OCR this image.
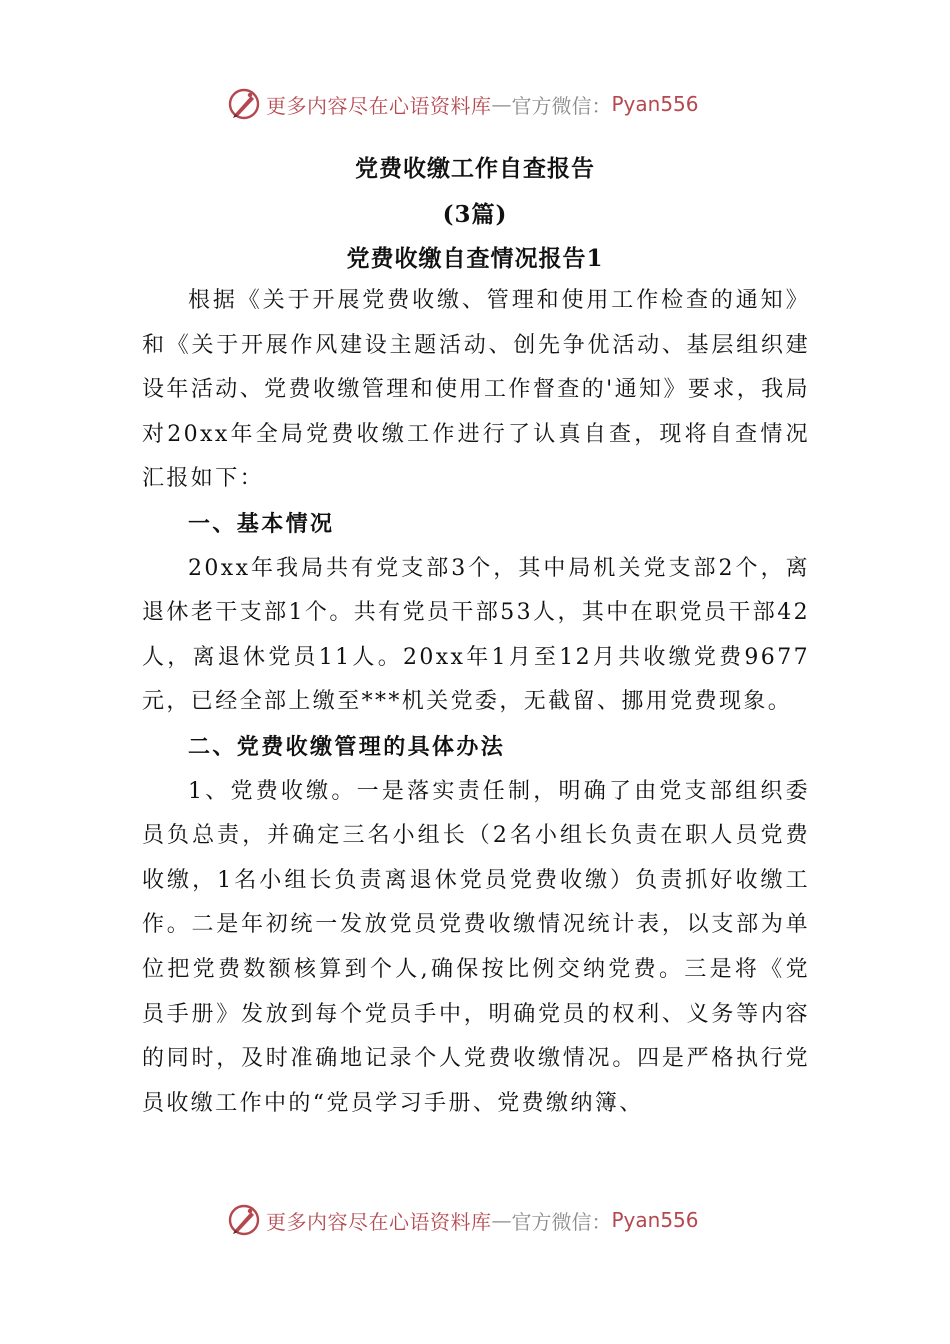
更多内容尽在心语资料库 — 官方微信： Pyan556
党费收缴工作自查报告
(3篇)
党费收缴自查情况报告1

根据《关于开展党费收缴、管理和使用工作检查的通知》和《关于开展作风建设主题活动、创先争优活动、基层组织建设年活动、党费收缴管理和使用工作督查的'通知》要求，我局对20xx年全局党费收缴工作进行了认真自查，现将自查情况汇报如下：

一、基本情况

20xx年我局共有党支部3个，其中局机关党支部2个，离退休老干支部1个。共有党员干部53人，其中在职党员干部42人，离退休党员11人。20xx年1月至12月共收缴党费9677元，已经全部上缴至***机关党委，无截留、挪用党费现象。

二、党费收缴管理的具体办法

1、党费收缴。一是落实责任制，明确了由党支部组织委员负总责，并确定三名小组长（2名小组长负责在职人员党费收缴，1名小组长负责离退休党员党费收缴）负责抓好收缴工作。二是年初统一发放党员党费收缴情况统计表，以支部为单位把党费数额核算到个人,确保按比例交纳党费。三是将《党员手册》发放到每个党员手中，明确党员的权利、义务等内容的同时，及时准确地记录个人党费收缴情况。四是严格执行党员收缴工作中的“党员学习手册、党费缴纳簿、

更多内容尽在心语资料库 — 官方微信： Pyan556
